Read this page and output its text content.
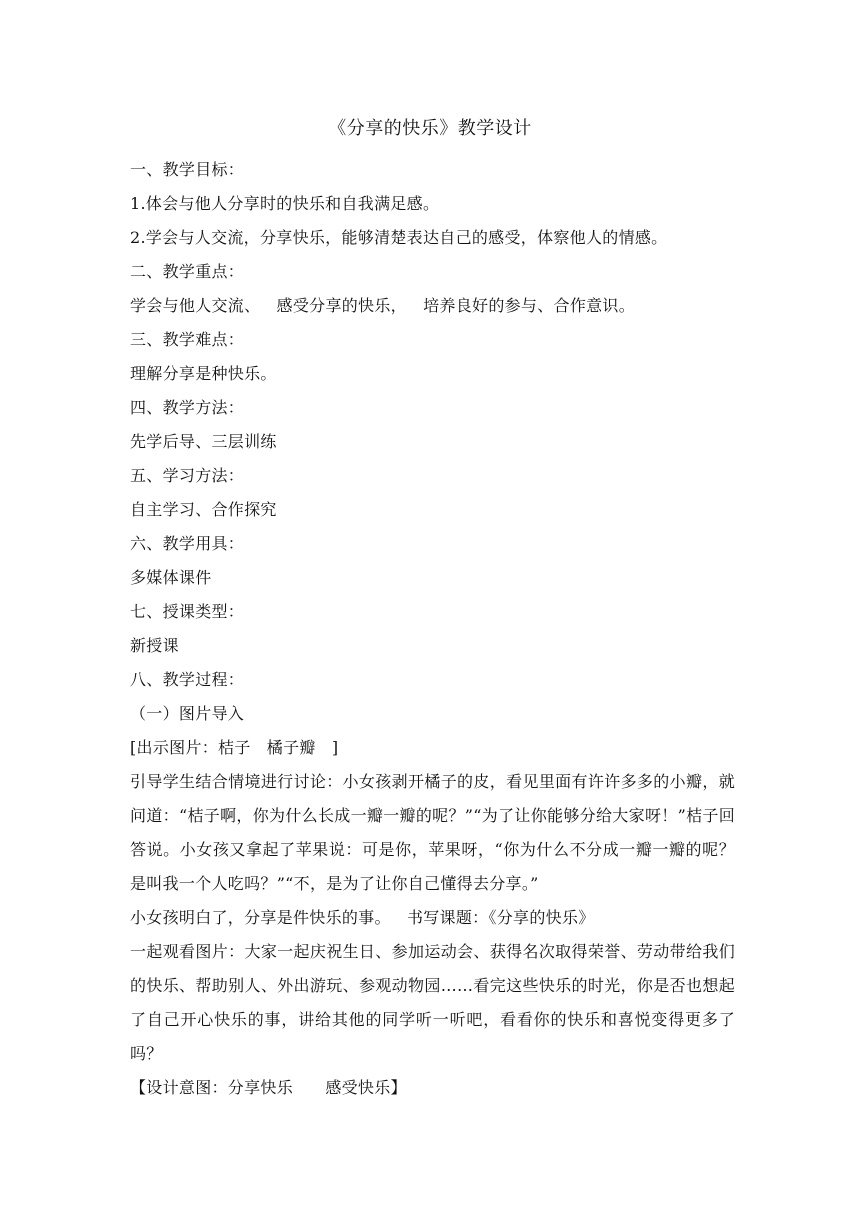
《分享的快乐》教学设计
一、教学目标：
1.体会与他人分享时的快乐和自我满足感。
2.学会与人交流，分享快乐，能够清楚表达自己的感受，体察他人的情感。
二、教学重点：
学会与他人交流、   感受分享的快乐，   培养良好的参与、合作意识。
三、教学难点：
理解分享是种快乐。
四、教学方法：
先学后导、三层训练
五、学习方法：
自主学习、合作探究
六、教学用具：
多媒体课件
七、授课类型：
新授课
八、教学过程：
（一）图片导入
[出示图片：桔子   橘子瓣   ]
引导学生结合情境进行讨论：小女孩剥开橘子的皮，看见里面有许许多多的小瓣，就问道：“桔子啊，你为什么长成一瓣一瓣的呢？”“为了让你能够分给大家呀！”桔子回答说。小女孩又拿起了苹果说：可是你，苹果呀，“你为什么不分成一瓣一瓣的呢？是叫我一个人吃吗？”“不，是为了让你自己懂得去分享。”
小女孩明白了，分享是件快乐的事。   书写课题：《分享的快乐》
一起观看图片：大家一起庆祝生日、参加运动会、获得名次取得荣誉、劳动带给我们的快乐、帮助别人、外出游玩、参观动物园……看完这些快乐的时光，你是否也想起了自己开心快乐的事，讲给其他的同学听一听吧，看看你的快乐和喜悦变得更多了吗？
【设计意图：分享快乐      感受快乐】
